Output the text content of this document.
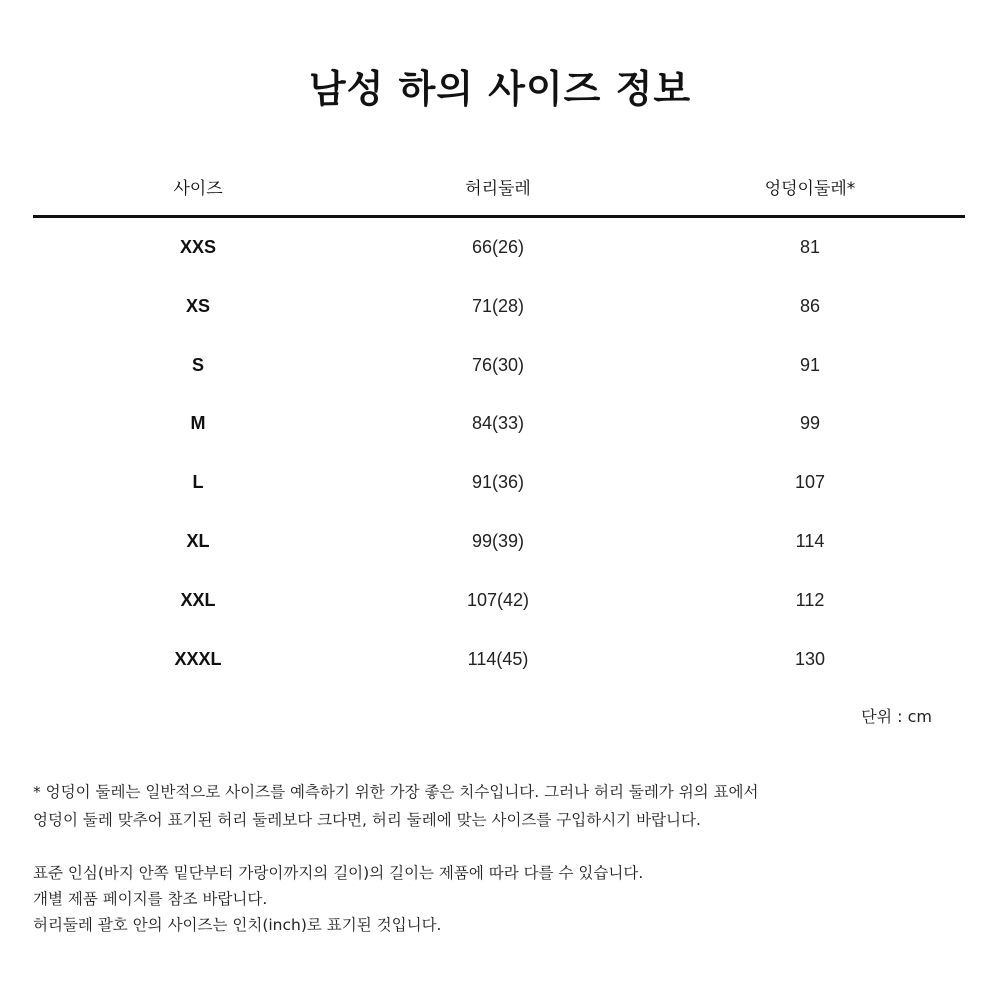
남성 하의 사이즈 정보
사이즈	허리둘레	엉덩이둘레*
XXS	66(26)	81
XS	71(28)	86
S	76(30)	91
M	84(33)	99
L	91(36)	107
XL	99(39)	114
XXL	107(42)	112
XXXL	114(45)	130
단위 : cm
* 엉덩이 둘레는 일반적으로 사이즈를 예측하기 위한 가장 좋은 치수입니다. 그러나 허리 둘레가 위의 표에서
엉덩이 둘레 맞추어 표기된 허리 둘레보다 크다면, 허리 둘레에 맞는 사이즈를 구입하시기 바랍니다.
표준 인심(바지 안쪽 밑단부터 가랑이까지의 길이)의 길이는 제품에 따라 다를 수 있습니다.
개별 제품 페이지를 참조 바랍니다.
허리둘레 괄호 안의 사이즈는 인치(inch)로 표기된 것입니다.
